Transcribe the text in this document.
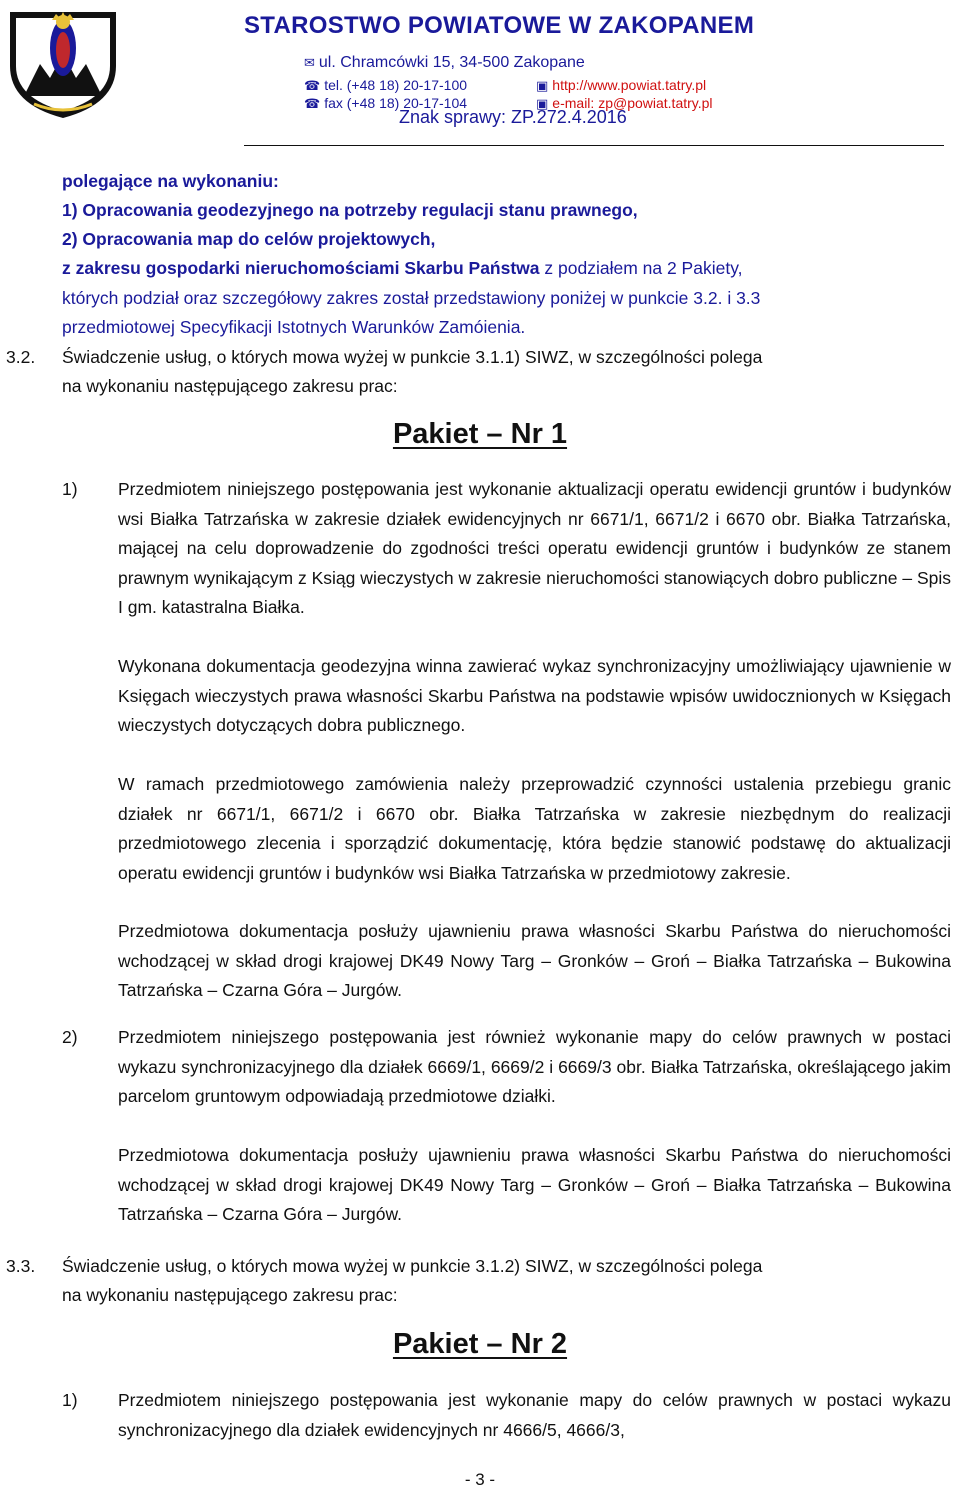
STAROSTWO POWIATOWE W ZAKOPANEM
✉ ul. Chramcówki 15, 34-500 Zakopane
☎ tel. (+48 18) 20-17-100	▣ http://www.powiat.tatry.pl
☎ fax (+48 18) 20-17-104	▣ e-mail: zp@powiat.tatry.pl
Znak sprawy: ZP.272.4.2016
polegające na wykonaniu:
1) Opracowania geodezyjnego na potrzeby regulacji stanu prawnego,
2) Opracowania map do celów projektowych,
z zakresu gospodarki nieruchomościami Skarbu Państwa z podziałem na 2 Pakiety,
których podział oraz szczegółowy zakres został przedstawiony poniżej w punkcie 3.2. i 3.3
przedmiotowej Specyfikacji Istotnych Warunków Zamóienia.
3.2. Świadczenie usług, o których mowa wyżej w punkcie 3.1.1) SIWZ, w szczególności polega
na wykonaniu następującego zakresu prac:
Pakiet – Nr 1
1) Przedmiotem niniejszego postępowania jest wykonanie aktualizacji operatu ewidencji gruntów i budynków wsi Białka Tatrzańska w zakresie działek ewidencyjnych nr 6671/1, 6671/2 i 6670 obr. Białka Tatrzańska, mającej na celu doprowadzenie do zgodności treści operatu ewidencji gruntów i budynków ze stanem prawnym wynikającym z Ksiąg wieczystych w zakresie nieruchomości stanowiących dobro publiczne – Spis I gm. katastralna Białka.
Wykonana dokumentacja geodezyjna winna zawierać wykaz synchronizacyjny umożliwiający ujawnienie w Księgach wieczystych prawa własności Skarbu Państwa na podstawie wpisów uwidocznionych w Księgach wieczystych dotyczących dobra publicznego.
W ramach przedmiotowego zamówienia należy przeprowadzić czynności ustalenia przebiegu granic działek nr 6671/1, 6671/2 i 6670 obr. Białka Tatrzańska w zakresie niezbędnym do realizacji przedmiotowego zlecenia i sporządzić dokumentację, która będzie stanowić podstawę do aktualizacji operatu ewidencji gruntów i budynków wsi Białka Tatrzańska w przedmiotowy zakresie.
Przedmiotowa dokumentacja posłuży ujawnieniu prawa własności Skarbu Państwa do nieruchomości wchodzącej w skład drogi krajowej DK49 Nowy Targ – Gronków – Groń – Białka Tatrzańska – Bukowina Tatrzańska – Czarna Góra – Jurgów.
2) Przedmiotem niniejszego postępowania jest również wykonanie mapy do celów prawnych w postaci wykazu synchronizacyjnego dla działek 6669/1, 6669/2 i 6669/3 obr. Białka Tatrzańska, określającego jakim parcelom gruntowym odpowiadają przedmiotowe działki.
Przedmiotowa dokumentacja posłuży ujawnieniu prawa własności Skarbu Państwa do nieruchomości wchodzącej w skład drogi krajowej DK49 Nowy Targ – Gronków – Groń – Białka Tatrzańska – Bukowina Tatrzańska – Czarna Góra – Jurgów.
3.3. Świadczenie usług, o których mowa wyżej w punkcie 3.1.2) SIWZ, w szczególności polega
na wykonaniu następującego zakresu prac:
Pakiet – Nr 2
1) Przedmiotem niniejszego postępowania jest wykonanie mapy do celów prawnych w postaci wykazu synchronizacyjnego dla działek ewidencyjnych nr 4666/5, 4666/3,
- 3 -
